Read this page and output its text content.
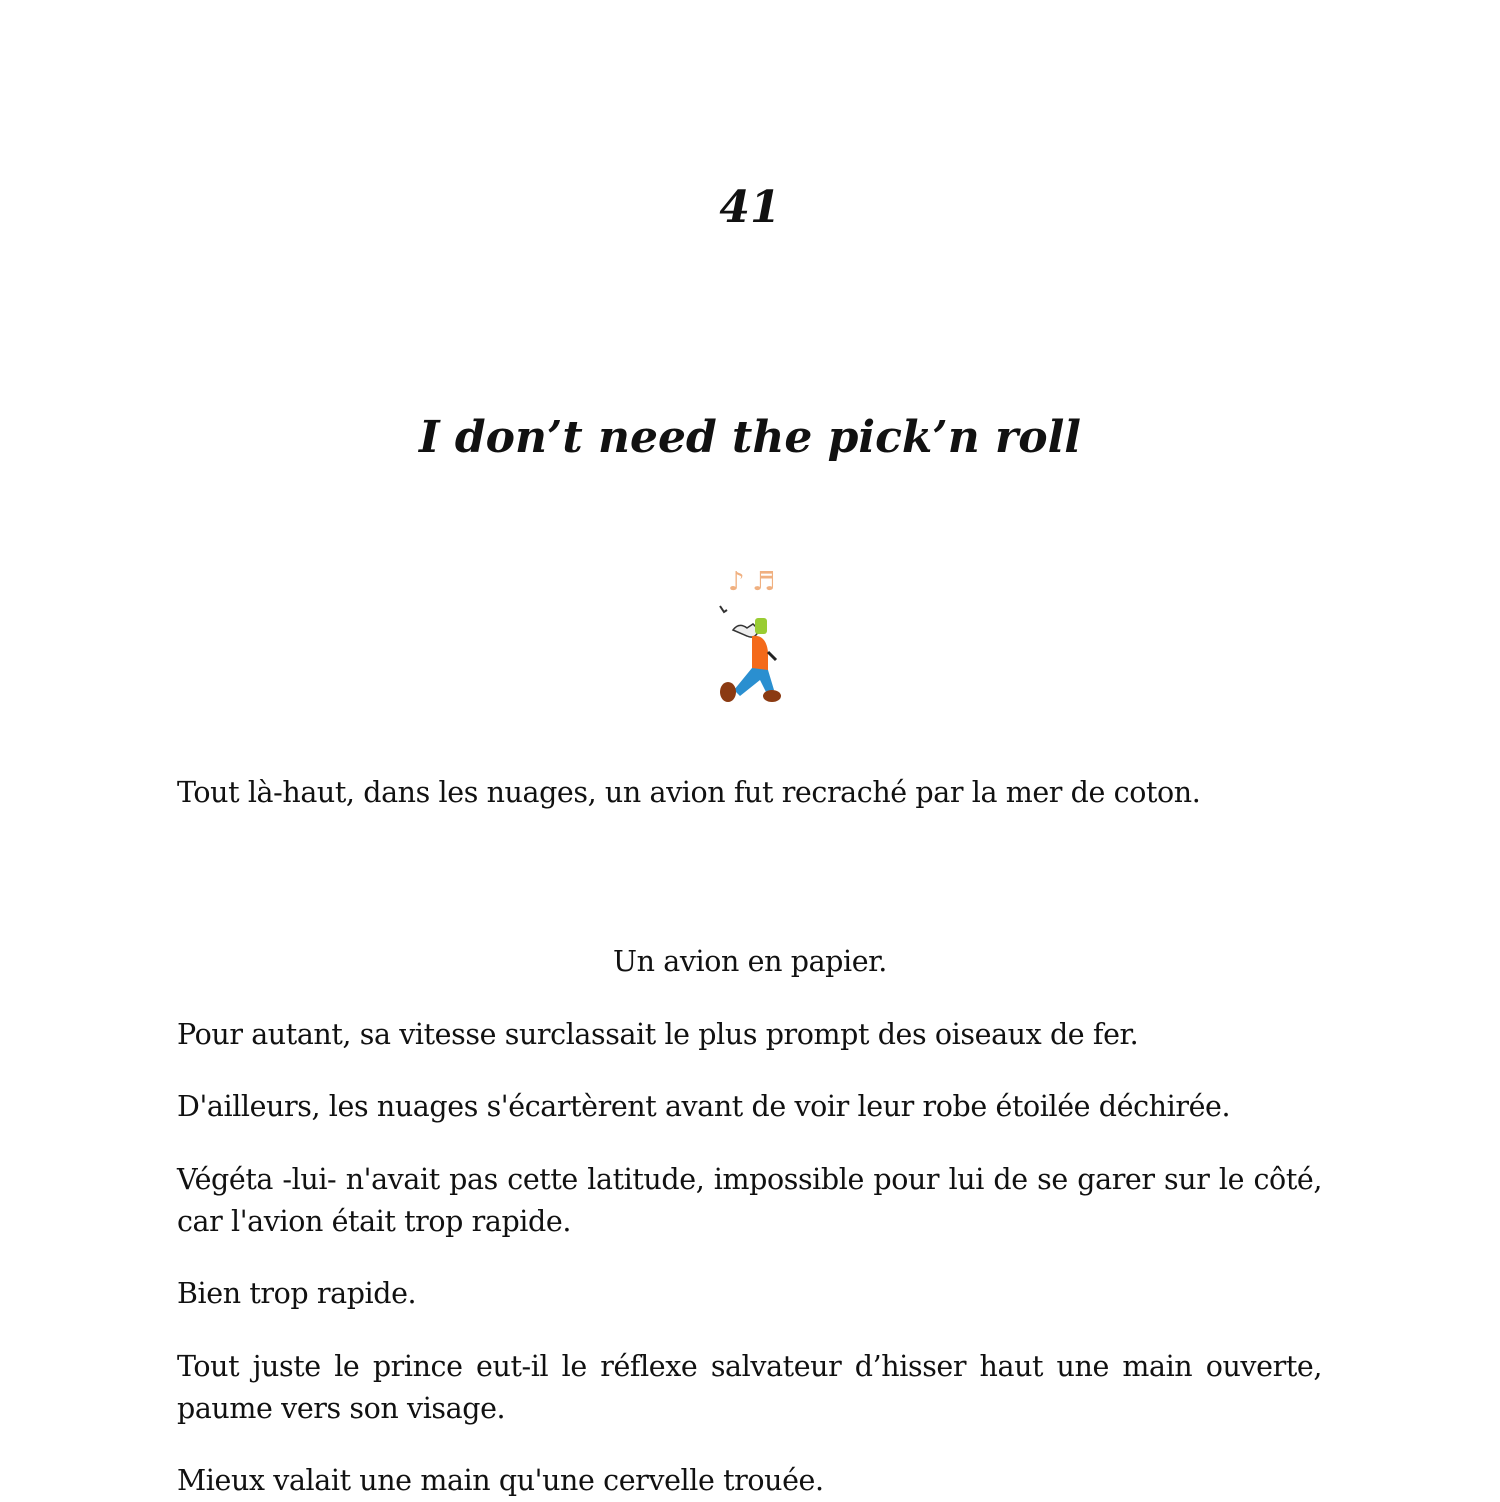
41
I don’t need the pick’n roll
♪ ♬
Tout là-haut, dans les nuages, un avion fut recraché par la mer de coton.
Un avion en papier.
Pour autant, sa vitesse surclassait le plus prompt des oiseaux de fer.
D'ailleurs, les nuages s'écartèrent avant de voir leur robe étoilée déchirée.
Végéta -lui- n'avait pas cette latitude, impossible pour lui de se garer sur le côté, car l'avion était trop rapide.
Bien trop rapide.
Tout juste le prince eut-il le réflexe salvateur d’hisser haut une main ouverte, paume vers son visage.
Mieux valait une main qu'une cervelle trouée.
